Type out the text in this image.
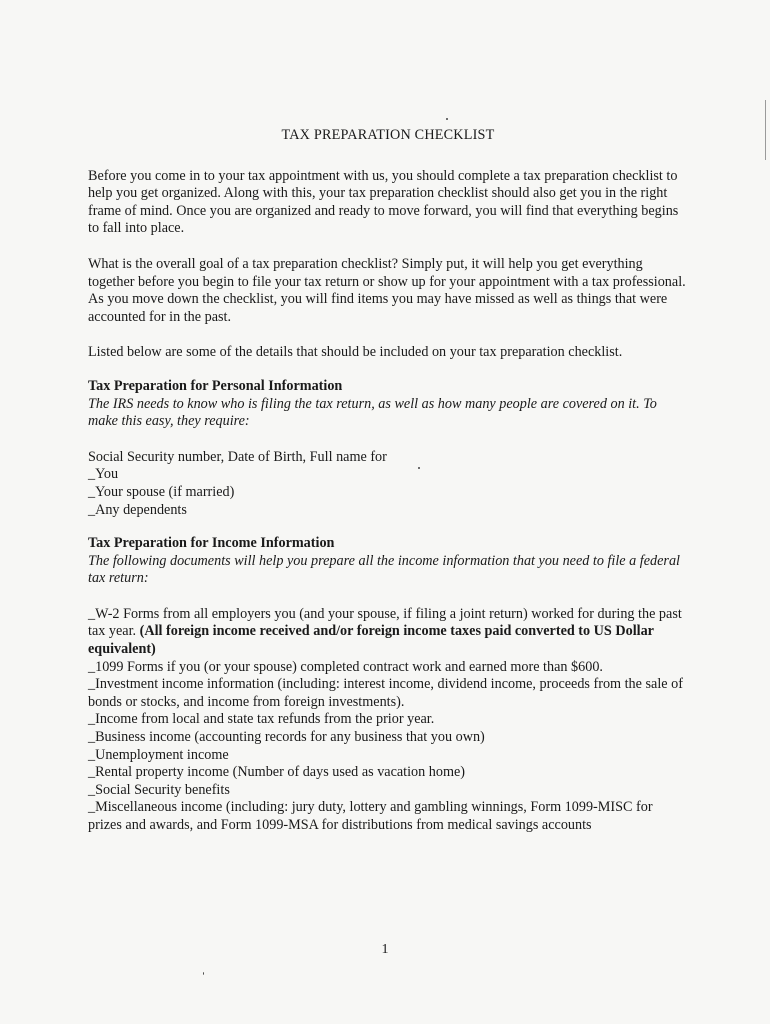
TAX PREPARATION CHECKLIST

Before you come in to your tax appointment with us, you should complete a tax preparation checklist to help you get organized. Along with this, your tax preparation checklist should also get you in the right frame of mind. Once you are organized and ready to move forward, you will find that everything begins to fall into place.

What is the overall goal of a tax preparation checklist? Simply put, it will help you get everything together before you begin to file your tax return or show up for your appointment with a tax professional. As you move down the checklist, you will find items you may have missed as well as things that were accounted for in the past.

Listed below are some of the details that should be included on your tax preparation checklist.

Tax Preparation for Personal Information

The IRS needs to know who is filing the tax return, as well as how many people are covered on it. To make this easy, they require:

Social Security number, Date of Birth, Full name for

_You

_Your spouse (if married)

_Any dependents

Tax Preparation for Income Information

The following documents will help you prepare all the income information that you need to file a federal tax return:

_W-2 Forms from all employers you (and your spouse, if filing a joint return) worked for during the past tax year. (All foreign income received and/or foreign income taxes paid converted to US Dollar equivalent)

_1099 Forms if you (or your spouse) completed contract work and earned more than $600.

_Investment income information (including: interest income, dividend income, proceeds from the sale of bonds or stocks, and income from foreign investments).

_Income from local and state tax refunds from the prior year.

_Business income (accounting records for any business that you own)

_Unemployment income

_Rental property income (Number of days used as vacation home)

_Social Security benefits

_Miscellaneous income (including: jury duty, lottery and gambling winnings, Form 1099-MISC for prizes and awards, and Form 1099-MSA for distributions from medical savings accounts

1
